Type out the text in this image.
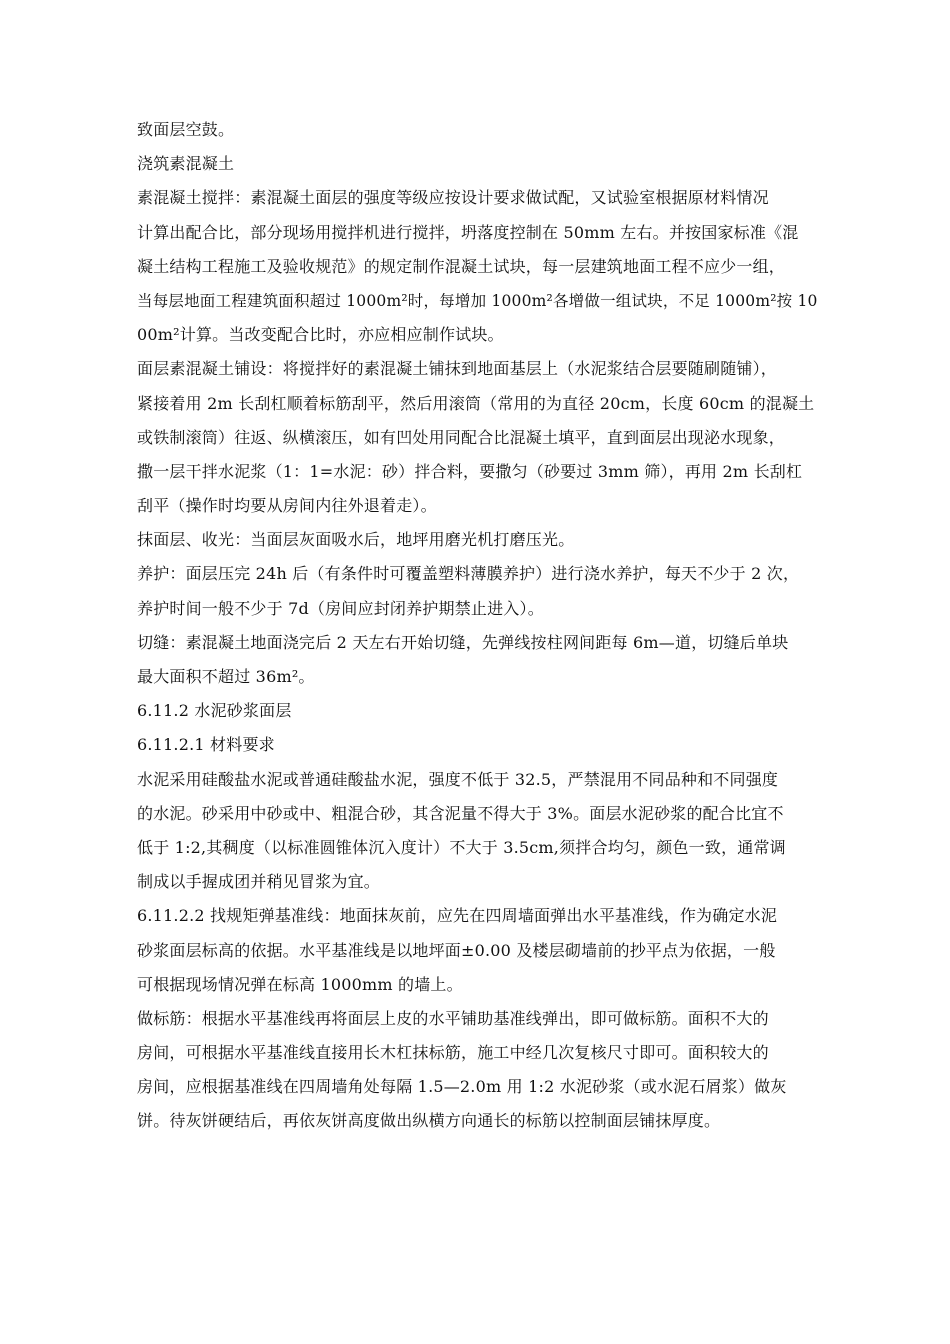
致面层空鼓。

浇筑素混凝土

素混凝土搅拌：素混凝土面层的强度等级应按设计要求做试配，又试验室根据原材料情况
计算出配合比，部分现场用搅拌机进行搅拌，坍落度控制在 50mm 左右。并按国家标准《混
凝土结构工程施工及验收规范》的规定制作混凝土试块，每一层建筑地面工程不应少一组，
当每层地面工程建筑面积超过 1000m²时，每增加 1000m²各增做一组试块，不足 1000m²按 10
00m²计算。当改变配合比时，亦应相应制作试块。

面层素混凝土铺设：将搅拌好的素混凝土铺抹到地面基层上（水泥浆结合层要随刷随铺），
紧接着用 2m 长刮杠顺着标筋刮平，然后用滚筒（常用的为直径 20cm，长度 60cm 的混凝土
或铁制滚筒）往返、纵横滚压，如有凹处用同配合比混凝土填平，直到面层出现泌水现象，
撒一层干拌水泥浆（1：1=水泥：砂）拌合料，要撒匀（砂要过 3mm 筛），再用 2m 长刮杠
刮平（操作时均要从房间内往外退着走）。

抹面层、收光：当面层灰面吸水后，地坪用磨光机打磨压光。

养护：面层压完 24h 后（有条件时可覆盖塑料薄膜养护）进行浇水养护，每天不少于 2 次，
养护时间一般不少于 7d（房间应封闭养护期禁止进入）。

切缝：素混凝土地面浇完后 2 天左右开始切缝，先弹线按柱网间距每 6m—道，切缝后单块
最大面积不超过 36m²。

6.11.2 水泥砂浆面层

6.11.2.1 材料要求

水泥采用硅酸盐水泥或普通硅酸盐水泥，强度不低于 32.5，严禁混用不同品种和不同强度
的水泥。砂采用中砂或中、粗混合砂，其含泥量不得大于 3%。面层水泥砂浆的配合比宜不
低于 1:2,其稠度（以标准圆锥体沉入度计）不大于 3.5cm,须拌合均匀，颜色一致，通常调
制成以手握成团并稍见冒浆为宜。

6.11.2.2 找规矩弹基准线：地面抹灰前，应先在四周墙面弹出水平基准线，作为确定水泥
砂浆面层标高的依据。水平基准线是以地坪面±0.00 及楼层砌墙前的抄平点为依据，一般
可根据现场情况弹在标高 1000mm 的墙上。

做标筋：根据水平基准线再将面层上皮的水平铺助基准线弹出，即可做标筋。面积不大的
房间，可根据水平基准线直接用长木杠抹标筋，施工中经几次复核尺寸即可。面积较大的
房间，应根据基准线在四周墙角处每隔 1.5—2.0m 用 1:2 水泥砂浆（或水泥石屑浆）做灰
饼。待灰饼硬结后，再依灰饼高度做出纵横方向通长的标筋以控制面层铺抹厚度。
